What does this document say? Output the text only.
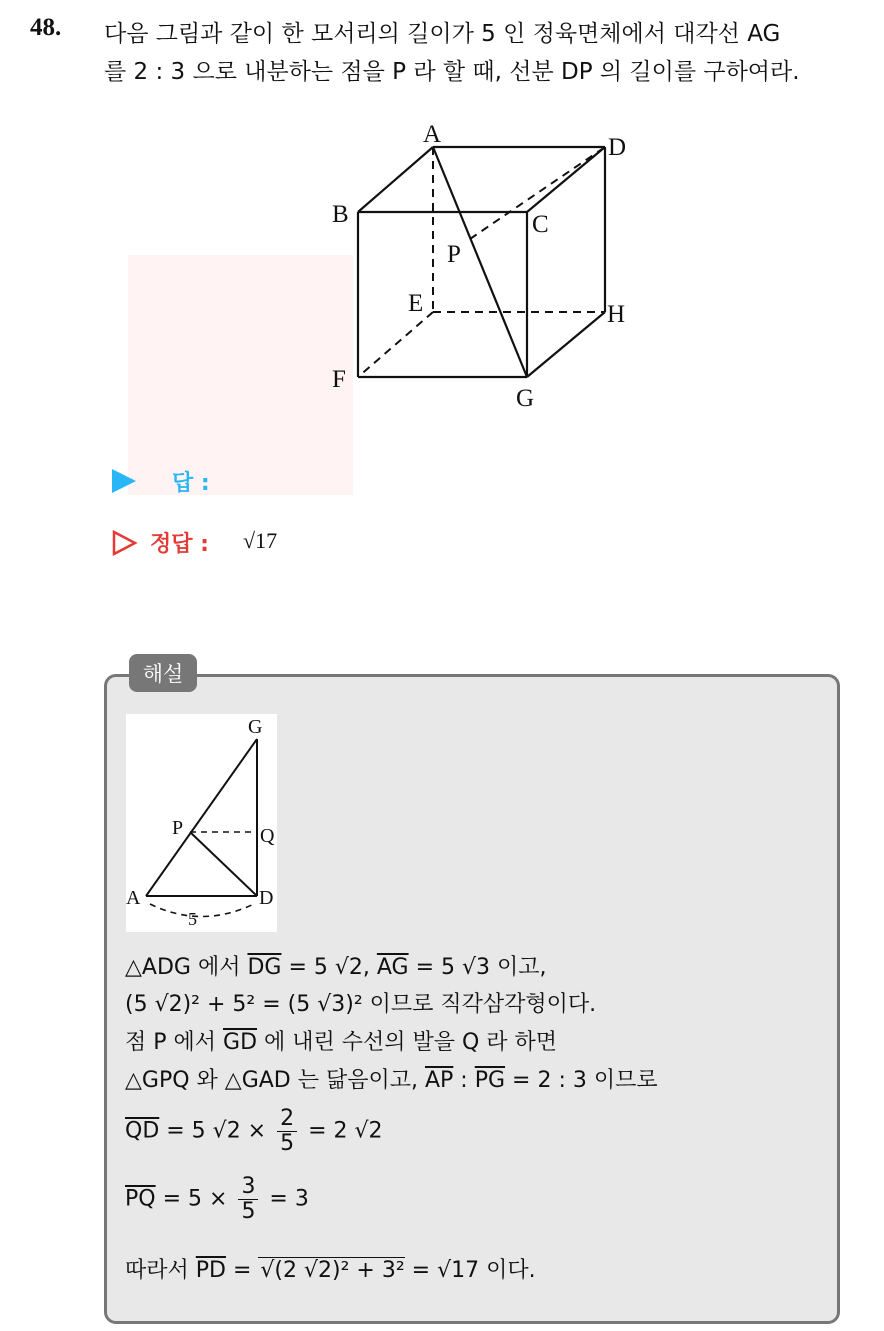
48. 다음 그림과 같이 한 모서리의 길이가 5 인 정육면체에서 대각선 AG
를 2 : 3 으로 내분하는 점을 P 라 할 때, 선분 DP 의 길이를 구하여라.
A	D
B	C
P
E	H
F
G
답 :
정답 : √17
해설
G
P	Q
A	D
5
△ADG 에서 $\overline{DG} = 5$ √2, $\overline{AG} = 5$ √3 이고,
(5 √2)² + 5² = (5 √3)² 이므로 직각삼각형이다.
점 P 에서 $\overline{GD}$ 에 내린 수선의 발을 Q 라 하면
△GPQ 와 △GAD 는 닮음이고, $\overline{AP}$ : $\overline{PG} = 2$ : 3 이므로
$\overline{QD} = 5$ $√2 \times \frac{2}{5} = 2$ √2
$\overline{PQ} = 5 \times \frac{3}{5} = 3$
따라서 $\overline{PD} = √(2$ √2)² + 3² = √17 이다.
